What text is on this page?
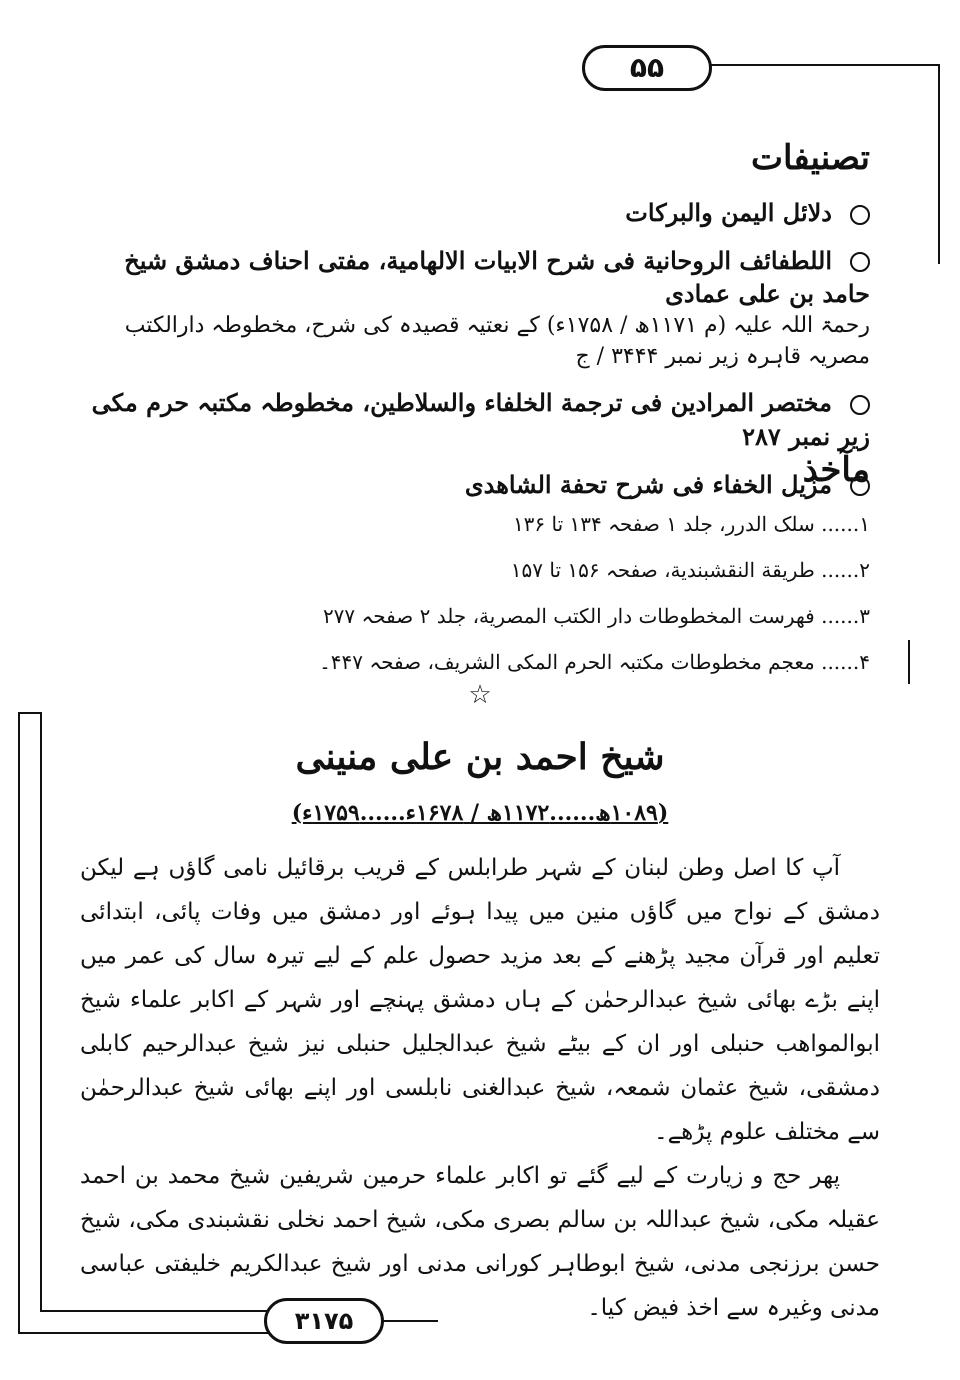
۵۵
تصنیفات
دلائل الیمن والبرکات
اللطفائف الروحانیة فی شرح الابیات الالھامیة، مفتی احناف دمشق شیخ حامد بن علی عمادی
رحمۃ اللہ علیہ (م ۱۱۷۱ھ / ۱۷۵۸ء) کے نعتیہ قصیدہ کی شرح، مخطوطہ دارالکتب مصریہ قاہرہ زیر نمبر ۳۴۴۴ / ج
مختصر المرادین فی ترجمة الخلفاء والسلاطین، مخطوطہ مکتبہ حرم مکی زیر نمبر ۲۸۷
مزیل الخفاء فی شرح تحفة الشاھدی
مآخذ
۱...... سلک الدرر، جلد ۱ صفحہ ۱۳۴ تا ۱۳۶
۲...... طریقة النقشبندیة، صفحہ ۱۵۶ تا ۱۵۷
۳...... فھرست المخطوطات دار الکتب المصریة، جلد ۲ صفحہ ۲۷۷
۴...... معجم مخطوطات مکتبہ الحرم المکی الشریف، صفحہ ۴۴۷۔
☆
شیخ احمد بن علی منینی
(۱۰۸۹ھ......۱۱۷۲ھ / ۱۶۷۸ء......۱۷۵۹ء)

آپ کا اصل وطن لبنان کے شہر طرابلس کے قریب برقائیل نامی گاؤں ہے لیکن دمشق کے نواح میں گاؤں منین میں پیدا ہوئے اور دمشق میں وفات پائی، ابتدائی تعلیم اور قرآن مجید پڑھنے کے بعد مزید حصول علم کے لیے تیرہ سال کی عمر میں اپنے بڑے بھائی شیخ عبدالرحمٰن کے ہاں دمشق پہنچے اور شہر کے اکابر علماء شیخ ابوالمواھب حنبلی اور ان کے بیٹے شیخ عبدالجلیل حنبلی نیز شیخ عبدالرحیم کابلی دمشقی، شیخ عثمان شمعہ، شیخ عبدالغنی نابلسی اور اپنے بھائی شیخ عبدالرحمٰن سے مختلف علوم پڑھے۔

پھر حج و زیارت کے لیے گئے تو اکابر علماء حرمین شریفین شیخ محمد بن احمد عقیلہ مکی، شیخ عبداللہ بن سالم بصری مکی، شیخ احمد نخلی نقشبندی مکی، شیخ حسن برزنجی مدنی، شیخ ابوطاہر کورانی مدنی اور شیخ عبدالکریم خلیفتی عباسی مدنی وغیرہ سے اخذ فیض کیا۔

۳۱۷۵
